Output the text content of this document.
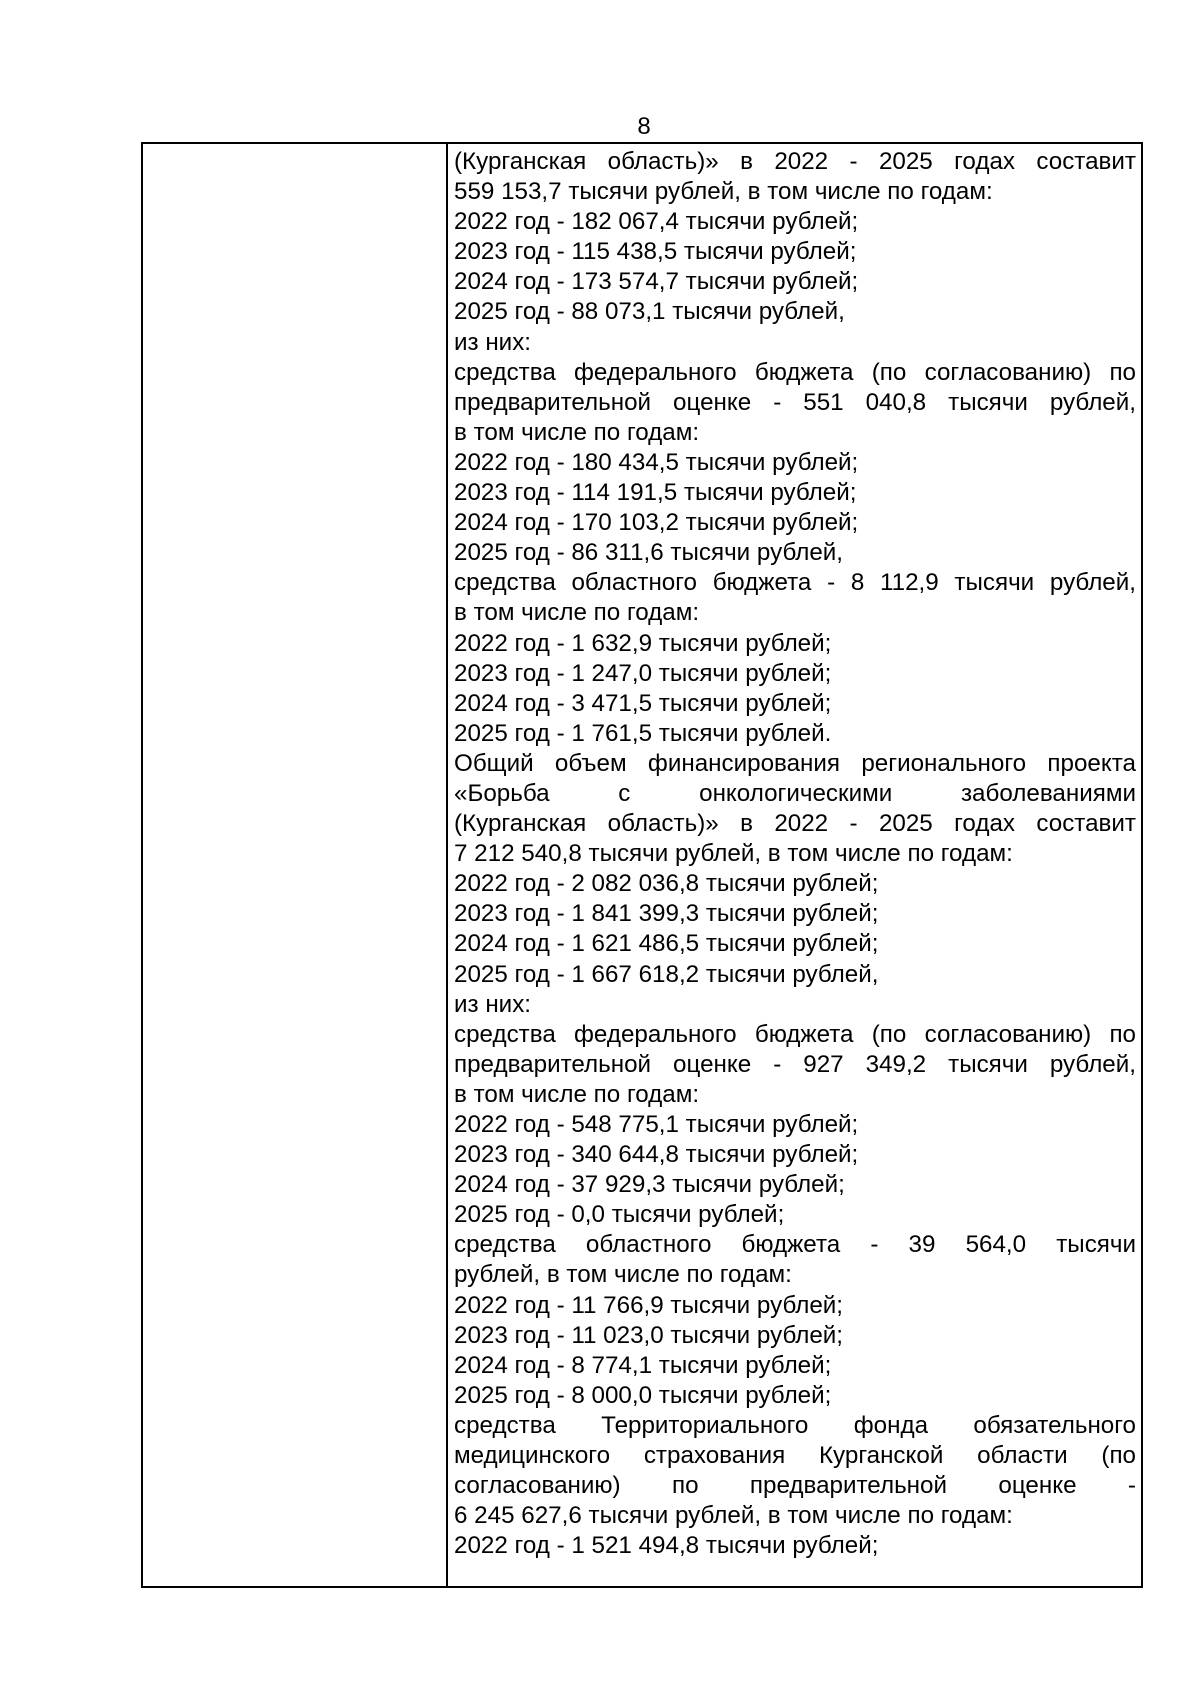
8
(Курганская область)» в 2022 - 2025 годах составит
559 153,7 тысячи рублей, в том числе по годам:
2022 год - 182 067,4 тысячи рублей;
2023 год - 115 438,5 тысячи рублей;
2024 год - 173 574,7 тысячи рублей;
2025 год - 88 073,1 тысячи рублей,
из них:
средства федерального бюджета (по согласованию) по
предварительной оценке - 551 040,8 тысячи рублей,
в том числе по годам:
2022 год - 180 434,5 тысячи рублей;
2023 год - 114 191,5 тысячи рублей;
2024 год - 170 103,2 тысячи рублей;
2025 год - 86 311,6 тысячи рублей,
средства областного бюджета - 8 112,9 тысячи рублей,
в том числе по годам:
2022 год - 1 632,9 тысячи рублей;
2023 год - 1 247,0 тысячи рублей;
2024 год - 3 471,5 тысячи рублей;
2025 год - 1 761,5 тысячи рублей.
Общий объем финансирования регионального проекта
«Борьба с онкологическими заболеваниями
(Курганская область)» в 2022 - 2025 годах составит
7 212 540,8 тысячи рублей, в том числе по годам:
2022 год - 2 082 036,8 тысячи рублей;
2023 год - 1 841 399,3 тысячи рублей;
2024 год - 1 621 486,5 тысячи рублей;
2025 год - 1 667 618,2 тысячи рублей,
из них:
средства федерального бюджета (по согласованию) по
предварительной оценке - 927 349,2 тысячи рублей,
в том числе по годам:
2022 год - 548 775,1 тысячи рублей;
2023 год - 340 644,8 тысячи рублей;
2024 год - 37 929,3 тысячи рублей;
2025 год - 0,0 тысячи рублей;
средства областного бюджета - 39 564,0 тысячи
рублей, в том числе по годам:
2022 год - 11 766,9 тысячи рублей;
2023 год - 11 023,0 тысячи рублей;
2024 год - 8 774,1 тысячи рублей;
2025 год - 8 000,0 тысячи рублей;
средства Территориального фонда обязательного
медицинского страхования Курганской области (по
согласованию) по предварительной оценке -
6 245 627,6 тысячи рублей, в том числе по годам:
2022 год - 1 521 494,8 тысячи рублей;
